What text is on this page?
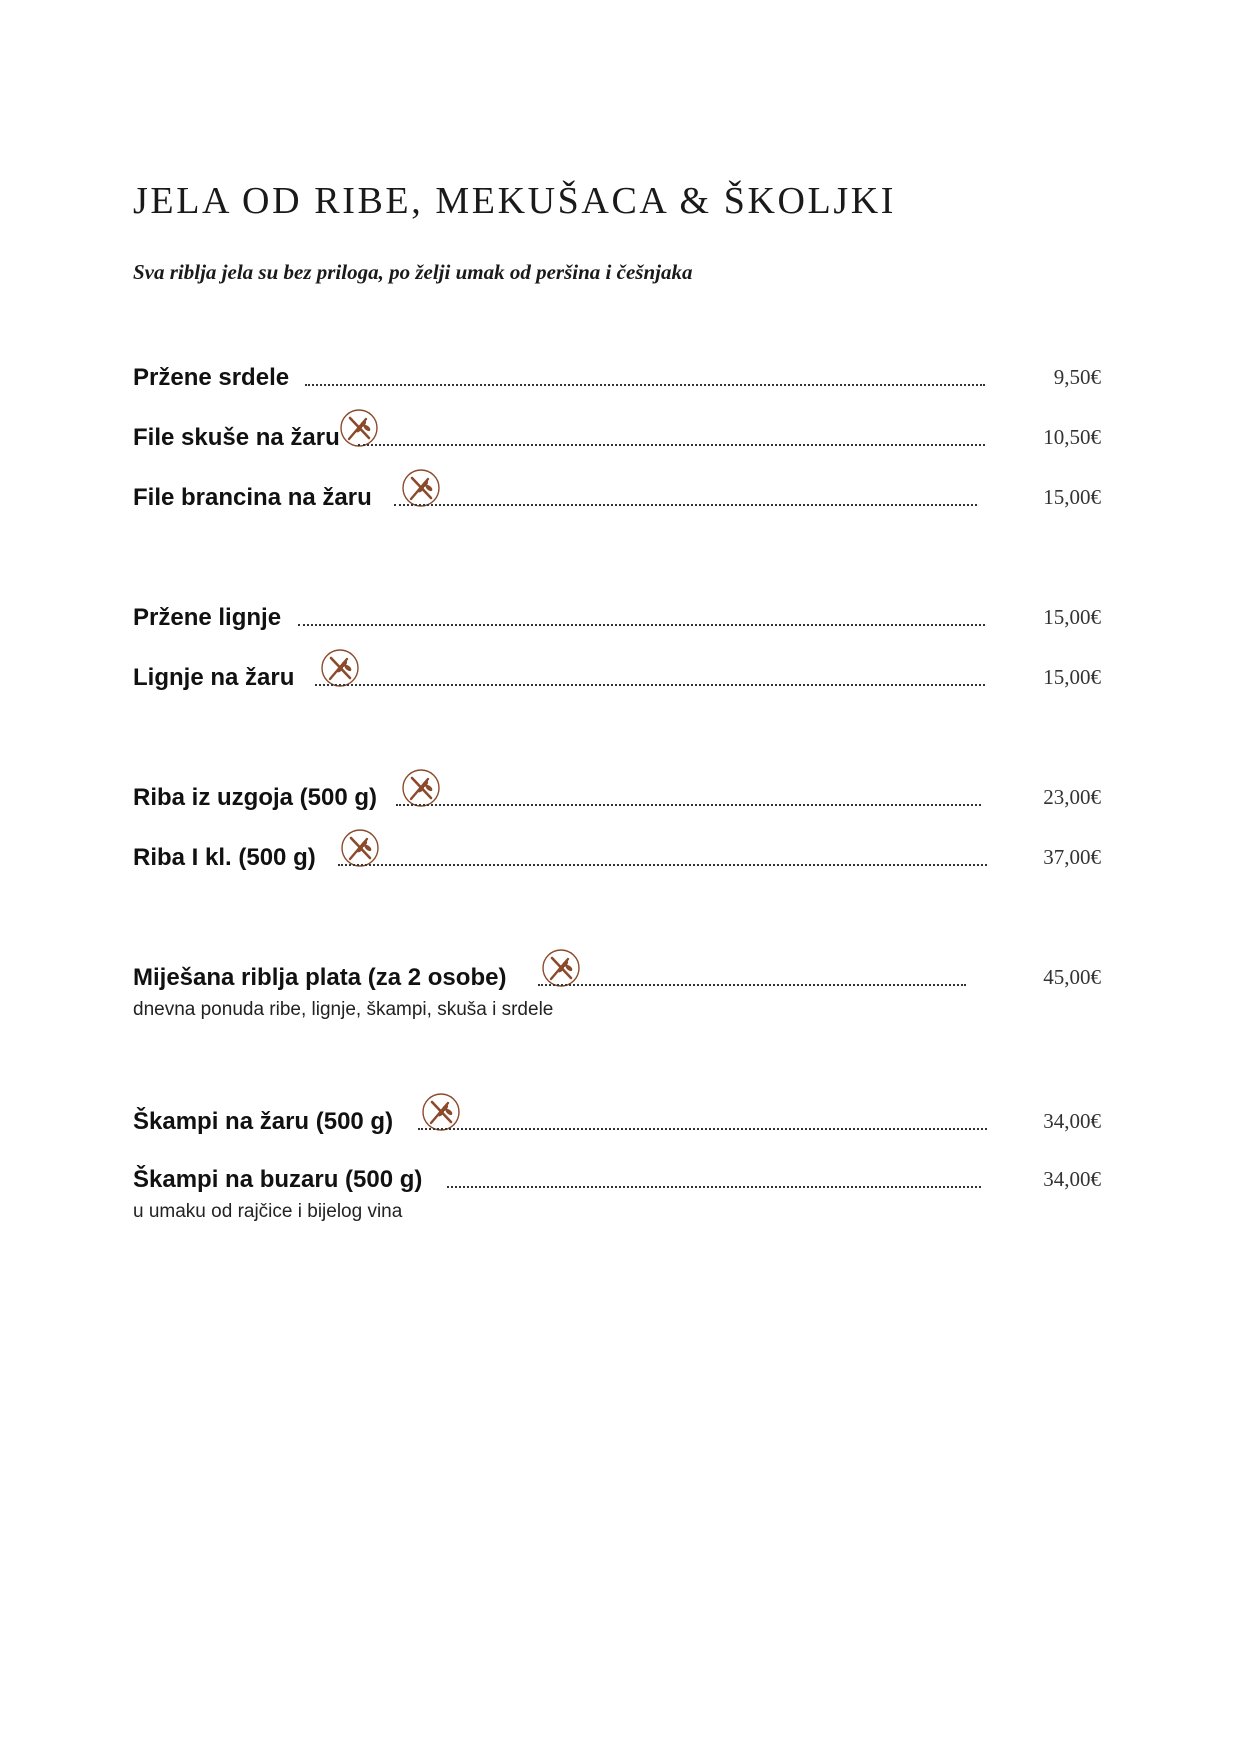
JELA OD RIBE, MEKUŠACA & ŠKOLJKI
Sva riblja jela su bez priloga, po želji umak od peršina i češnjaka
Pržene srdele	9,50€
File skuše na žaru	10,50€
File brancina na žaru	15,00€
Pržene lignje	15,00€
Lignje na žaru	15,00€
Riba iz uzgoja (500 g)	23,00€
Riba I kl. (500 g)	37,00€
Miješana riblja plata (za 2 osobe)	45,00€
dnevna ponuda ribe, lignje, škampi, skuša i srdele
Škampi na žaru (500 g)	34,00€
Škampi na buzaru (500 g)	34,00€
u umaku od rajčice i bijelog vina
